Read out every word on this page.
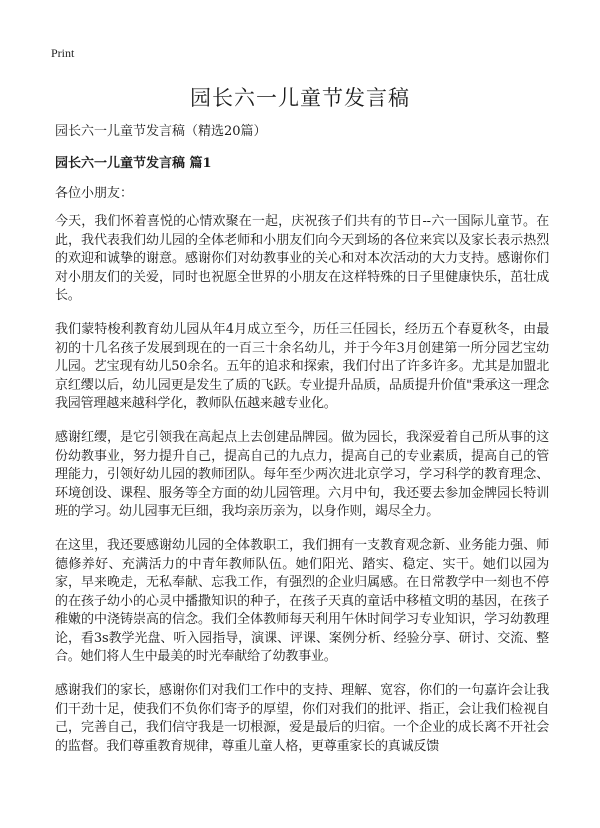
Print
园长六一儿童节发言稿
园长六一儿童节发言稿（精选20篇）
园长六一儿童节发言稿 篇1
各位小朋友：

今天，我们怀着喜悦的心情欢聚在一起，庆祝孩子们共有的节日--六一国际儿童节。在此，我代表我们幼儿园的全体老师和小朋友们向今天到场的各位来宾以及家长表示热烈的欢迎和诚挚的谢意。感谢你们对幼教事业的关心和对本次活动的大力支持。感谢你们对小朋友们的关爱，同时也祝愿全世界的小朋友在这样特殊的日子里健康快乐，茁壮成长。

我们蒙特梭利教育幼儿园从年4月成立至今，历任三任园长，经历五个春夏秋冬，由最初的十几名孩子发展到现在的一百三十余名幼儿，并于今年3月创建第一所分园艺宝幼儿园。艺宝现有幼儿50余名。五年的追求和探索，我们付出了许多许多。尤其是加盟北京红缨以后，幼儿园更是发生了质的飞跃。专业提升品质，品质提升价值"秉承这一理念我园管理越来越科学化，教师队伍越来越专业化。

感谢红缨，是它引领我在高起点上去创建品牌园。做为园长，我深爱着自己所从事的这份幼教事业，努力提升自己，提高自己的九点力，提高自己的专业素质，提高自己的管理能力，引领好幼儿园的教师团队。每年至少两次进北京学习，学习科学的教育理念、环境创设、课程、服务等全方面的幼儿园管理。六月中旬，我还要去参加金牌园长特训班的学习。幼儿园事无巨细，我均亲历亲为，以身作则，竭尽全力。

在这里，我还要感谢幼儿园的全体教职工，我们拥有一支教育观念新、业务能力强、师德修养好、充满活力的中青年教师队伍。她们阳光、踏实、稳定、实干。她们以园为家，早来晚走，无私奉献、忘我工作，有强烈的企业归属感。在日常教学中一刻也不停的在孩子幼小的心灵中播撒知识的种子，在孩子天真的童话中移植文明的基因，在孩子稚嫩的中浇铸崇高的信念。我们全体教师每天利用午休时间学习专业知识，学习幼教理论，看3s教学光盘、听入园指导，演课、评课、案例分析、经验分享、研讨、交流、整合。她们将人生中最美的时光奉献给了幼教事业。

感谢我们的家长，感谢你们对我们工作中的支持、理解、宽容，你们的一句嘉许会让我们干劲十足，使我们不负你们寄予的厚望，你们对我们的批评、指正，会让我们检视自己，完善自己，我们信守我是一切根源，爱是最后的归宿。一个企业的成长离不开社会的监督。我们尊重教育规律，尊重儿童人格，更尊重家长的真诚反馈
